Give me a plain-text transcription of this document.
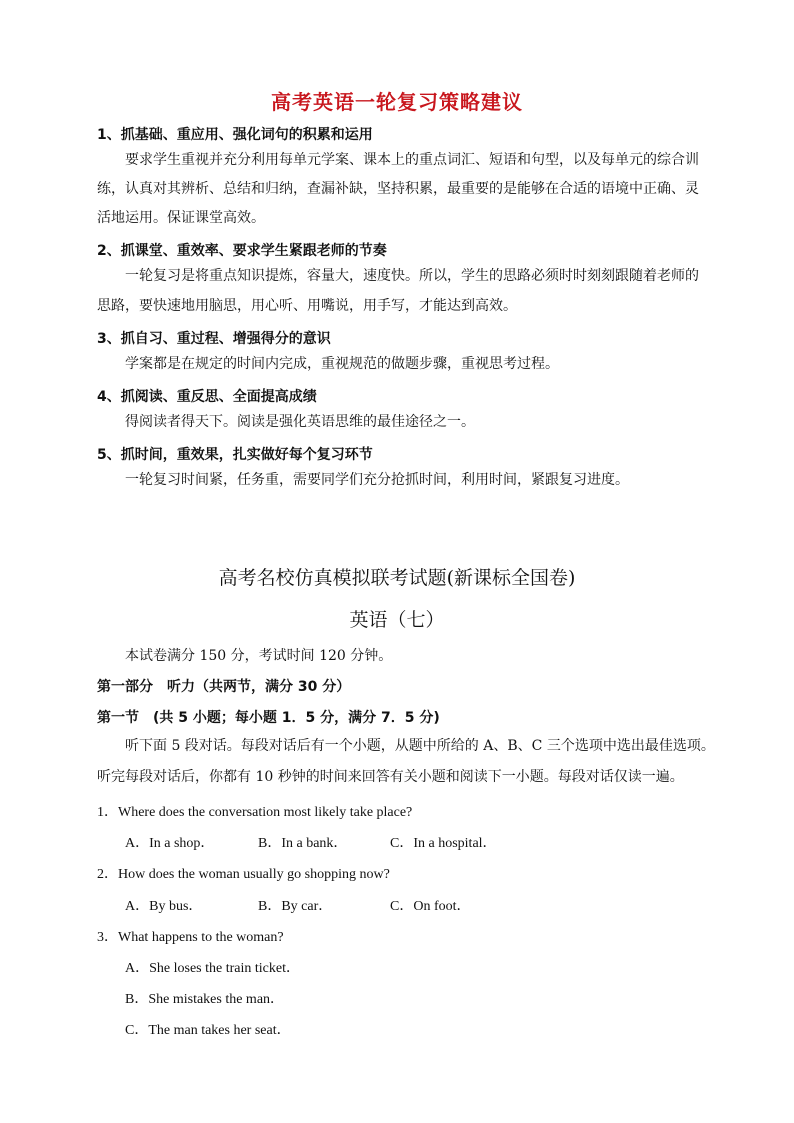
高考英语一轮复习策略建议
1、抓基础、重应用、强化词句的积累和运用
要求学生重视并充分利用每单元学案、课本上的重点词汇、短语和句型，以及每单元的综合训
练，认真对其辨析、总结和归纳，查漏补缺，坚持积累，最重要的是能够在合适的语境中正确、灵
活地运用。保证课堂高效。
2、抓课堂、重效率、要求学生紧跟老师的节奏
一轮复习是将重点知识提炼，容量大，速度快。所以，学生的思路必须时时刻刻跟随着老师的
思路，要快速地用脑思，用心听、用嘴说，用手写，才能达到高效。
3、抓自习、重过程、增强得分的意识
学案都是在规定的时间内完成，重视规范的做题步骤，重视思考过程。
4、抓阅读、重反思、全面提高成绩
得阅读者得天下。阅读是强化英语思维的最佳途径之一。
5、抓时间，重效果，扎实做好每个复习环节
一轮复习时间紧，任务重，需要同学们充分抢抓时间，利用时间，紧跟复习进度。
高考名校仿真模拟联考试题(新课标全国卷)
英语（七）
本试卷满分 150 分，考试时间 120 分钟。
第一部分　听力（共两节，满分 30 分）
第一节　(共 5 小题；每小题 1．5 分，满分 7．5 分)
听下面 5 段对话。每段对话后有一个小题，从题中所给的 A、B、C 三个选项中选出最佳选项。
听完每段对话后，你都有 10 秒钟的时间来回答有关小题和阅读下一小题。每段对话仅读一遍。
1．Where does the conversation most likely take place?
A．In a shop．	B．In a bank．	C．In a hospital．
2．How does the woman usually go shopping now?
A．By bus．	B．By car．	C．On foot．
3．What happens to the woman?
A．She loses the train ticket．
B．She mistakes the man．
C．The man takes her seat．
